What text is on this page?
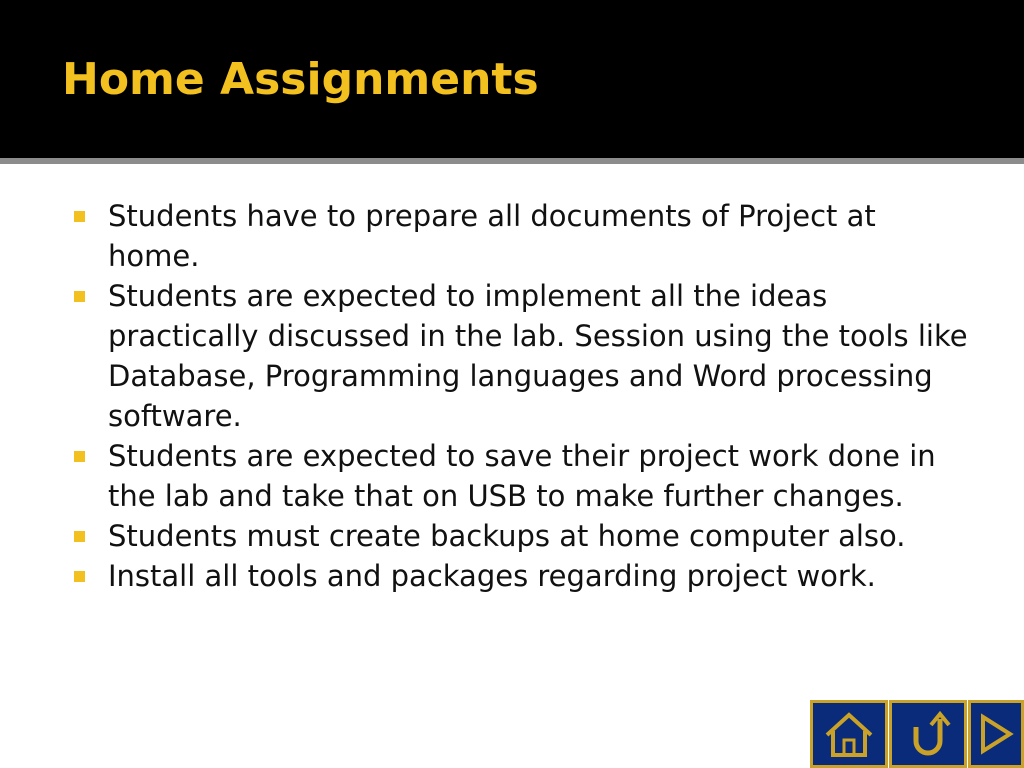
Home Assignments
Students have to prepare all documents of Project at home.
Students are expected to implement all the ideas practically discussed in the lab. Session using the tools like Database, Programming languages and Word processing software.
Students are expected to save their project work done in the lab and take that on USB to make further changes.
Students must create backups at home computer also.
Install all tools and packages regarding project work.
